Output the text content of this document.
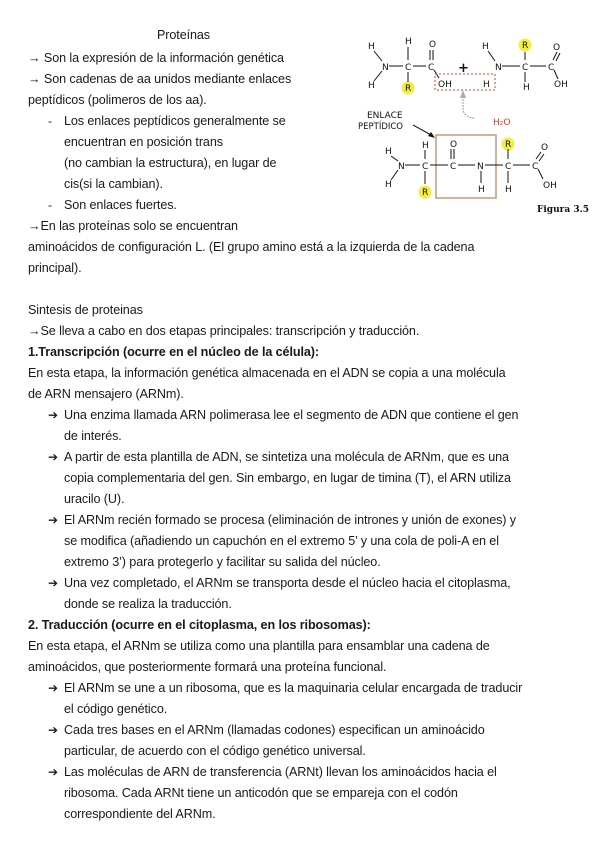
Proteínas
→ Son la expresión de la información genética
→ Son cadenas de aa unidos mediante enlaces
peptídicos (polimeros de los aa).
- Los enlaces peptídicos generalmente se
encuentran en posición trans
(no cambian la estructura), en lugar de
cis(si la cambian).
- Son enlaces fuertes.
→En las proteínas solo se encuentran
aminoácidos de configuración L. (El grupo amino está a la izquierda de la cadena
principal).
Sintesis de proteinas
→Se lleva a cabo en dos etapas principales: transcripción y traducción.
1.Transcripción (ocurre en el núcleo de la célula):
En esta etapa, la información genética almacenada en el ADN se copia a una molécula
de ARN mensajero (ARNm).
➔ Una enzima llamada ARN polimerasa lee el segmento de ADN que contiene el gen
de interés.
➔ A partir de esta plantilla de ADN, se sintetiza una molécula de ARNm, que es una
copia complementaria del gen. Sin embargo, en lugar de timina (T), el ARN utiliza
uracilo (U).
➔ El ARNm recién formado se procesa (eliminación de intrones y unión de exones) y
se modifica (añadiendo un capuchón en el extremo 5’ y una cola de poli-A en el
extremo 3’) para protegerlo y facilitar su salida del núcleo.
➔ Una vez completado, el ARNm se transporta desde el núcleo hacia el citoplasma,
donde se realiza la traducción.
2. Traducción (ocurre en el citoplasma, en los ribosomas):
En esta etapa, el ARNm se utiliza como una plantilla para ensamblar una cadena de
aminoácidos, que posteriormente formará una proteína funcional.
➔ El ARNm se une a un ribosoma, que es la maquinaria celular encargada de traducir
el código genético.
➔ Cada tres bases en el ARNm (llamadas codones) especifican un aminoácido
particular, de acuerdo con el código genético universal.
➔ Las moléculas de ARN de transferencia (ARNt) llevan los aminoácidos hacia el
ribosoma. Cada ARNt tiene un anticodón que se empareja con el codón
correspondiente del ARNm.
H
N
H
H
C
R
C
O
OH
+
H
N
H
R
C
H
C
O
OH
ENLACE
PEPTÍDICO	H₂O
H
N
H
H
C
R
C
O
N
H
R
C
H
C
O
OH
Figura 3.5
